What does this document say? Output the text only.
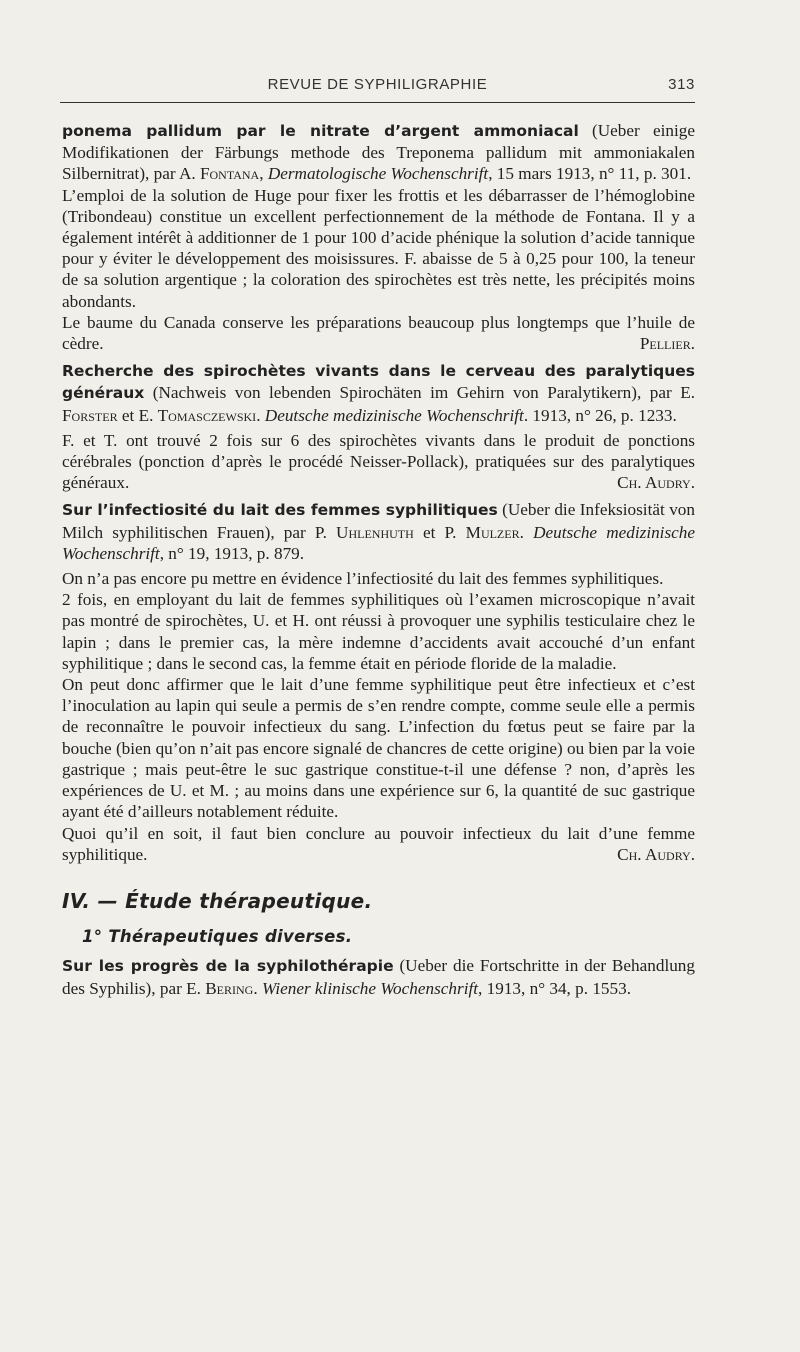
REVUE DE SYPHILIGRAPHIE	313

ponema pallidum par le nitrate d’argent ammoniacal (Ueber einige Modifikationen der Färbungs methode des Treponema pallidum mit ammoniakalen Silbernitrat), par A. Fontana, Dermatologische Wochenschrift, 15 mars 1913, n° 11, p. 301.

L’emploi de la solution de Huge pour fixer les frottis et les débarrasser de l’hémoglobine (Tribondeau) constitue un excellent perfectionnement de la méthode de Fontana. Il y a également intérêt à additionner de 1 pour 100 d’acide phénique la solution d’acide tannique pour y éviter le développement des moisissures. F. abaisse de 5 à 0,25 pour 100, la teneur de sa solution argentique ; la coloration des spirochètes est très nette, les précipités moins abondants.

Le baume du Canada conserve les préparations beaucoup plus longtemps que l’huile de cèdre.	Pellier.

Recherche des spirochètes vivants dans le cerveau des paralytiques généraux (Nachweis von lebenden Spirochäten im Gehirn von Paralytikern), par E. Forster et E. Tomasczewski. Deutsche medizinische Wochenschrift. 1913, n° 26, p. 1233.

F. et T. ont trouvé 2 fois sur 6 des spirochètes vivants dans le produit de ponctions cérébrales (ponction d’après le procédé Neisser-Pollack), pratiquées sur des paralytiques généraux.	Ch. Audry.

Sur l’infectiosité du lait des femmes syphilitiques (Ueber die Infeksiosität von Milch syphilitischen Frauen), par P. Uhlenhuth et P. Mulzer. Deutsche medizinische Wochenschrift, n° 19, 1913, p. 879.

On n’a pas encore pu mettre en évidence l’infectiosité du lait des femmes syphilitiques.

2 fois, en employant du lait de femmes syphilitiques où l’examen microscopique n’avait pas montré de spirochètes, U. et H. ont réussi à provoquer une syphilis testiculaire chez le lapin ; dans le premier cas, la mère indemne d’accidents avait accouché d’un enfant syphilitique ; dans le second cas, la femme était en période floride de la maladie.

On peut donc affirmer que le lait d’une femme syphilitique peut être infectieux et c’est l’inoculation au lapin qui seule a permis de s’en rendre compte, comme seule elle a permis de reconnaître le pouvoir infectieux du sang. L’infection du fœtus peut se faire par la bouche (bien qu’on n’ait pas encore signalé de chancres de cette origine) ou bien par la voie gastrique ; mais peut-être le suc gastrique constitue-t-il une défense ? non, d’après les expériences de U. et M. ; au moins dans une expérience sur 6, la quantité de suc gastrique ayant été d’ailleurs notablement réduite.

Quoi qu’il en soit, il faut bien conclure au pouvoir infectieux du lait d’une femme syphilitique.	Ch. Audry.

IV. — Étude thérapeutique.
1° Thérapeutiques diverses.

Sur les progrès de la syphilothérapie (Ueber die Fortschritte in der Behandlung des Syphilis), par E. Bering. Wiener klinische Wochenschrift, 1913, n° 34, p. 1553.
